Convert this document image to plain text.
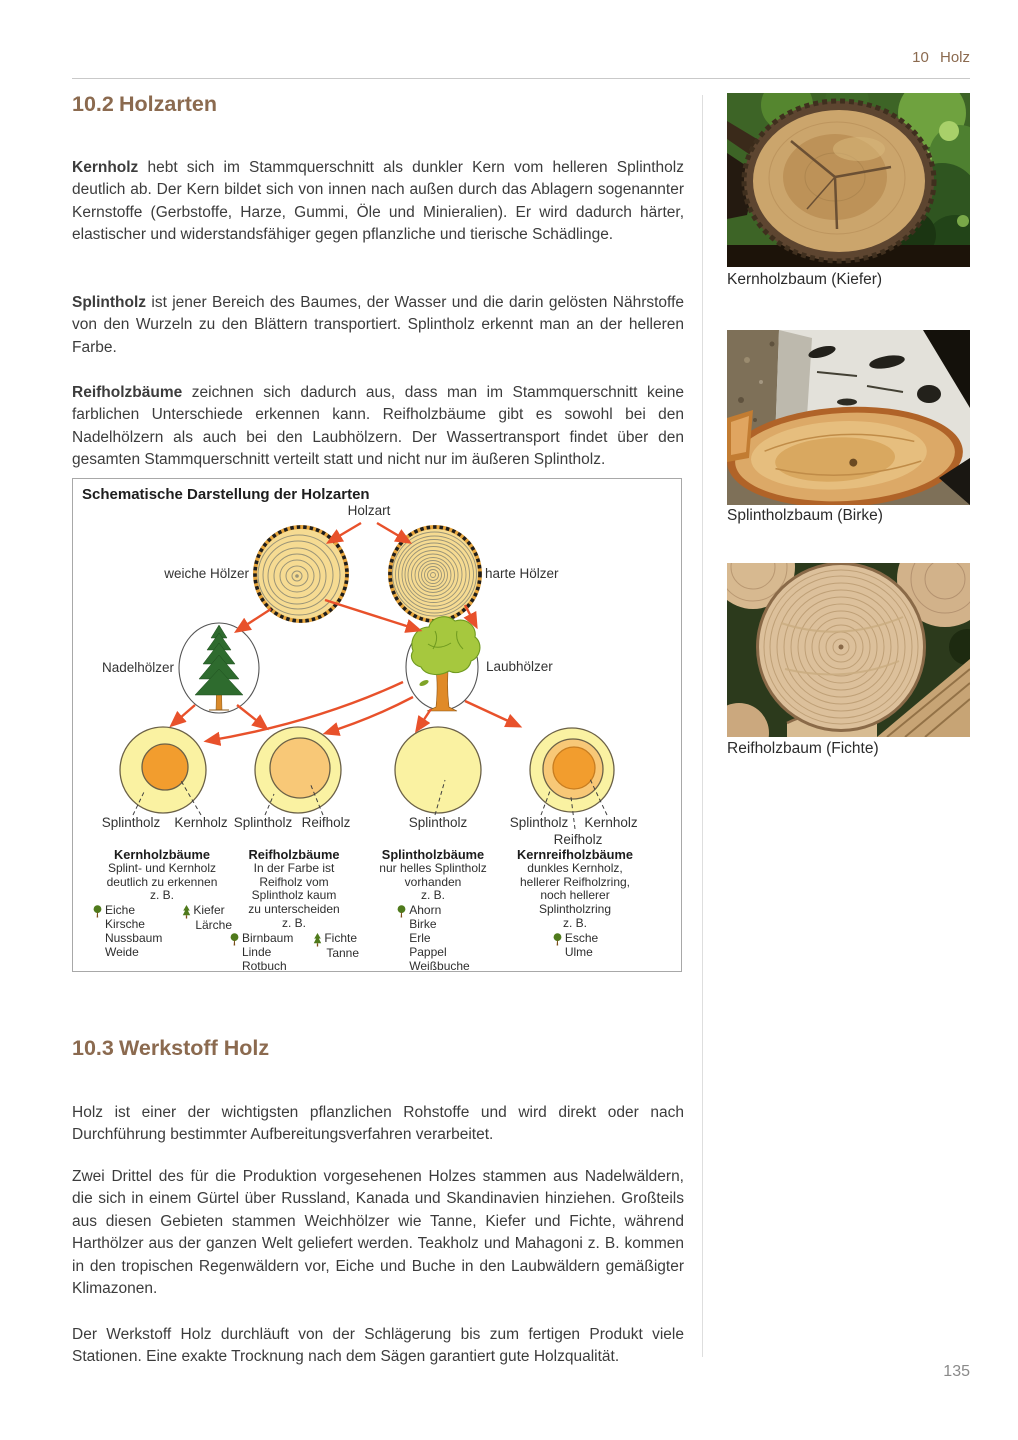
10 Holz
10.2 Holzarten

Kernholz hebt sich im Stammquerschnitt als dunkler Kern vom helleren Splintholz deutlich ab. Der Kern bildet sich von innen nach außen durch das Ablagern sogenannter Kernstoffe (Gerbstoffe, Harze, Gummi, Öle und Minieralien). Er wird dadurch härter, elastischer und widerstandsfähiger gegen pflanzliche und tierische Schädlinge.

Splintholz ist jener Bereich des Baumes, der Wasser und die darin gelösten Nährstoffe von den Wurzeln zu den Blättern transportiert. Splintholz erkennt man an der helleren Farbe.

Reifholzbäume zeichnen sich dadurch aus, dass man im Stammquerschnitt keine farblichen Unterschiede erkennen kann. Reifholzbäume gibt es sowohl bei den Nadelhölzern als auch bei den Laubhölzern. Der Wassertransport findet über den gesamten Stammquerschnitt verteilt statt und nicht nur im äußeren Splintholz.

Holzart
weiche Hölzer	harte Hölzer
Nadelhölzer	Laubhölzer
Splintholz Kernholz Splintholz Reifholz	Splintholz	Splintholz Kernholz
Reifholz
Schematische Darstellung der Holzarten
Kernholzbäume
Splint- und Kernholz
deutlich zu erkennen
z. B.
Eiche
Kirsche
Nussbaum
Weide
Kiefer
Lärche
Reifholzbäume
In der Farbe ist
Reifholz vom
Splintholz kaum
zu unterscheiden
z. B.
Birnbaum
Linde
Rotbuch
Fichte
Tanne
Splintholzbäume
nur helles Splintholz
vorhanden
z. B.
Ahorn
Birke
Erle
Pappel
Weißbuche
Kernreifholzbäume
dunkles Kernholz,
hellerer Reifholzring,
noch hellerer
Splintholzring
z. B.
Esche
Ulme
10.3 Werkstoff Holz

Holz ist einer der wichtigsten pflanzlichen Rohstoffe und wird direkt oder nach Durchführung bestimmter Aufbereitungsverfahren verarbeitet.

Zwei Drittel des für die Produktion vorgesehenen Holzes stammen aus Nadelwäldern, die sich in einem Gürtel über Russland, Kanada und Skandinavien hinziehen. Großteils aus diesen Gebieten stammen Weichhölzer wie Tanne, Kiefer und Fichte, während Harthölzer aus der ganzen Welt geliefert werden. Teakholz und Mahagoni z. B. kommen in den tropischen Regenwäldern vor, Eiche und Buche in den Laubwäldern gemäßigter Klimazonen.

Der Werkstoff Holz durchläuft von der Schlägerung bis zum fertigen Produkt viele Stationen. Eine exakte Trocknung nach dem Sägen garantiert gute Holzqualität.

Kernholzbaum (Kiefer)
Splintholzbaum (Birke)
Reifholzbaum (Fichte)
135
